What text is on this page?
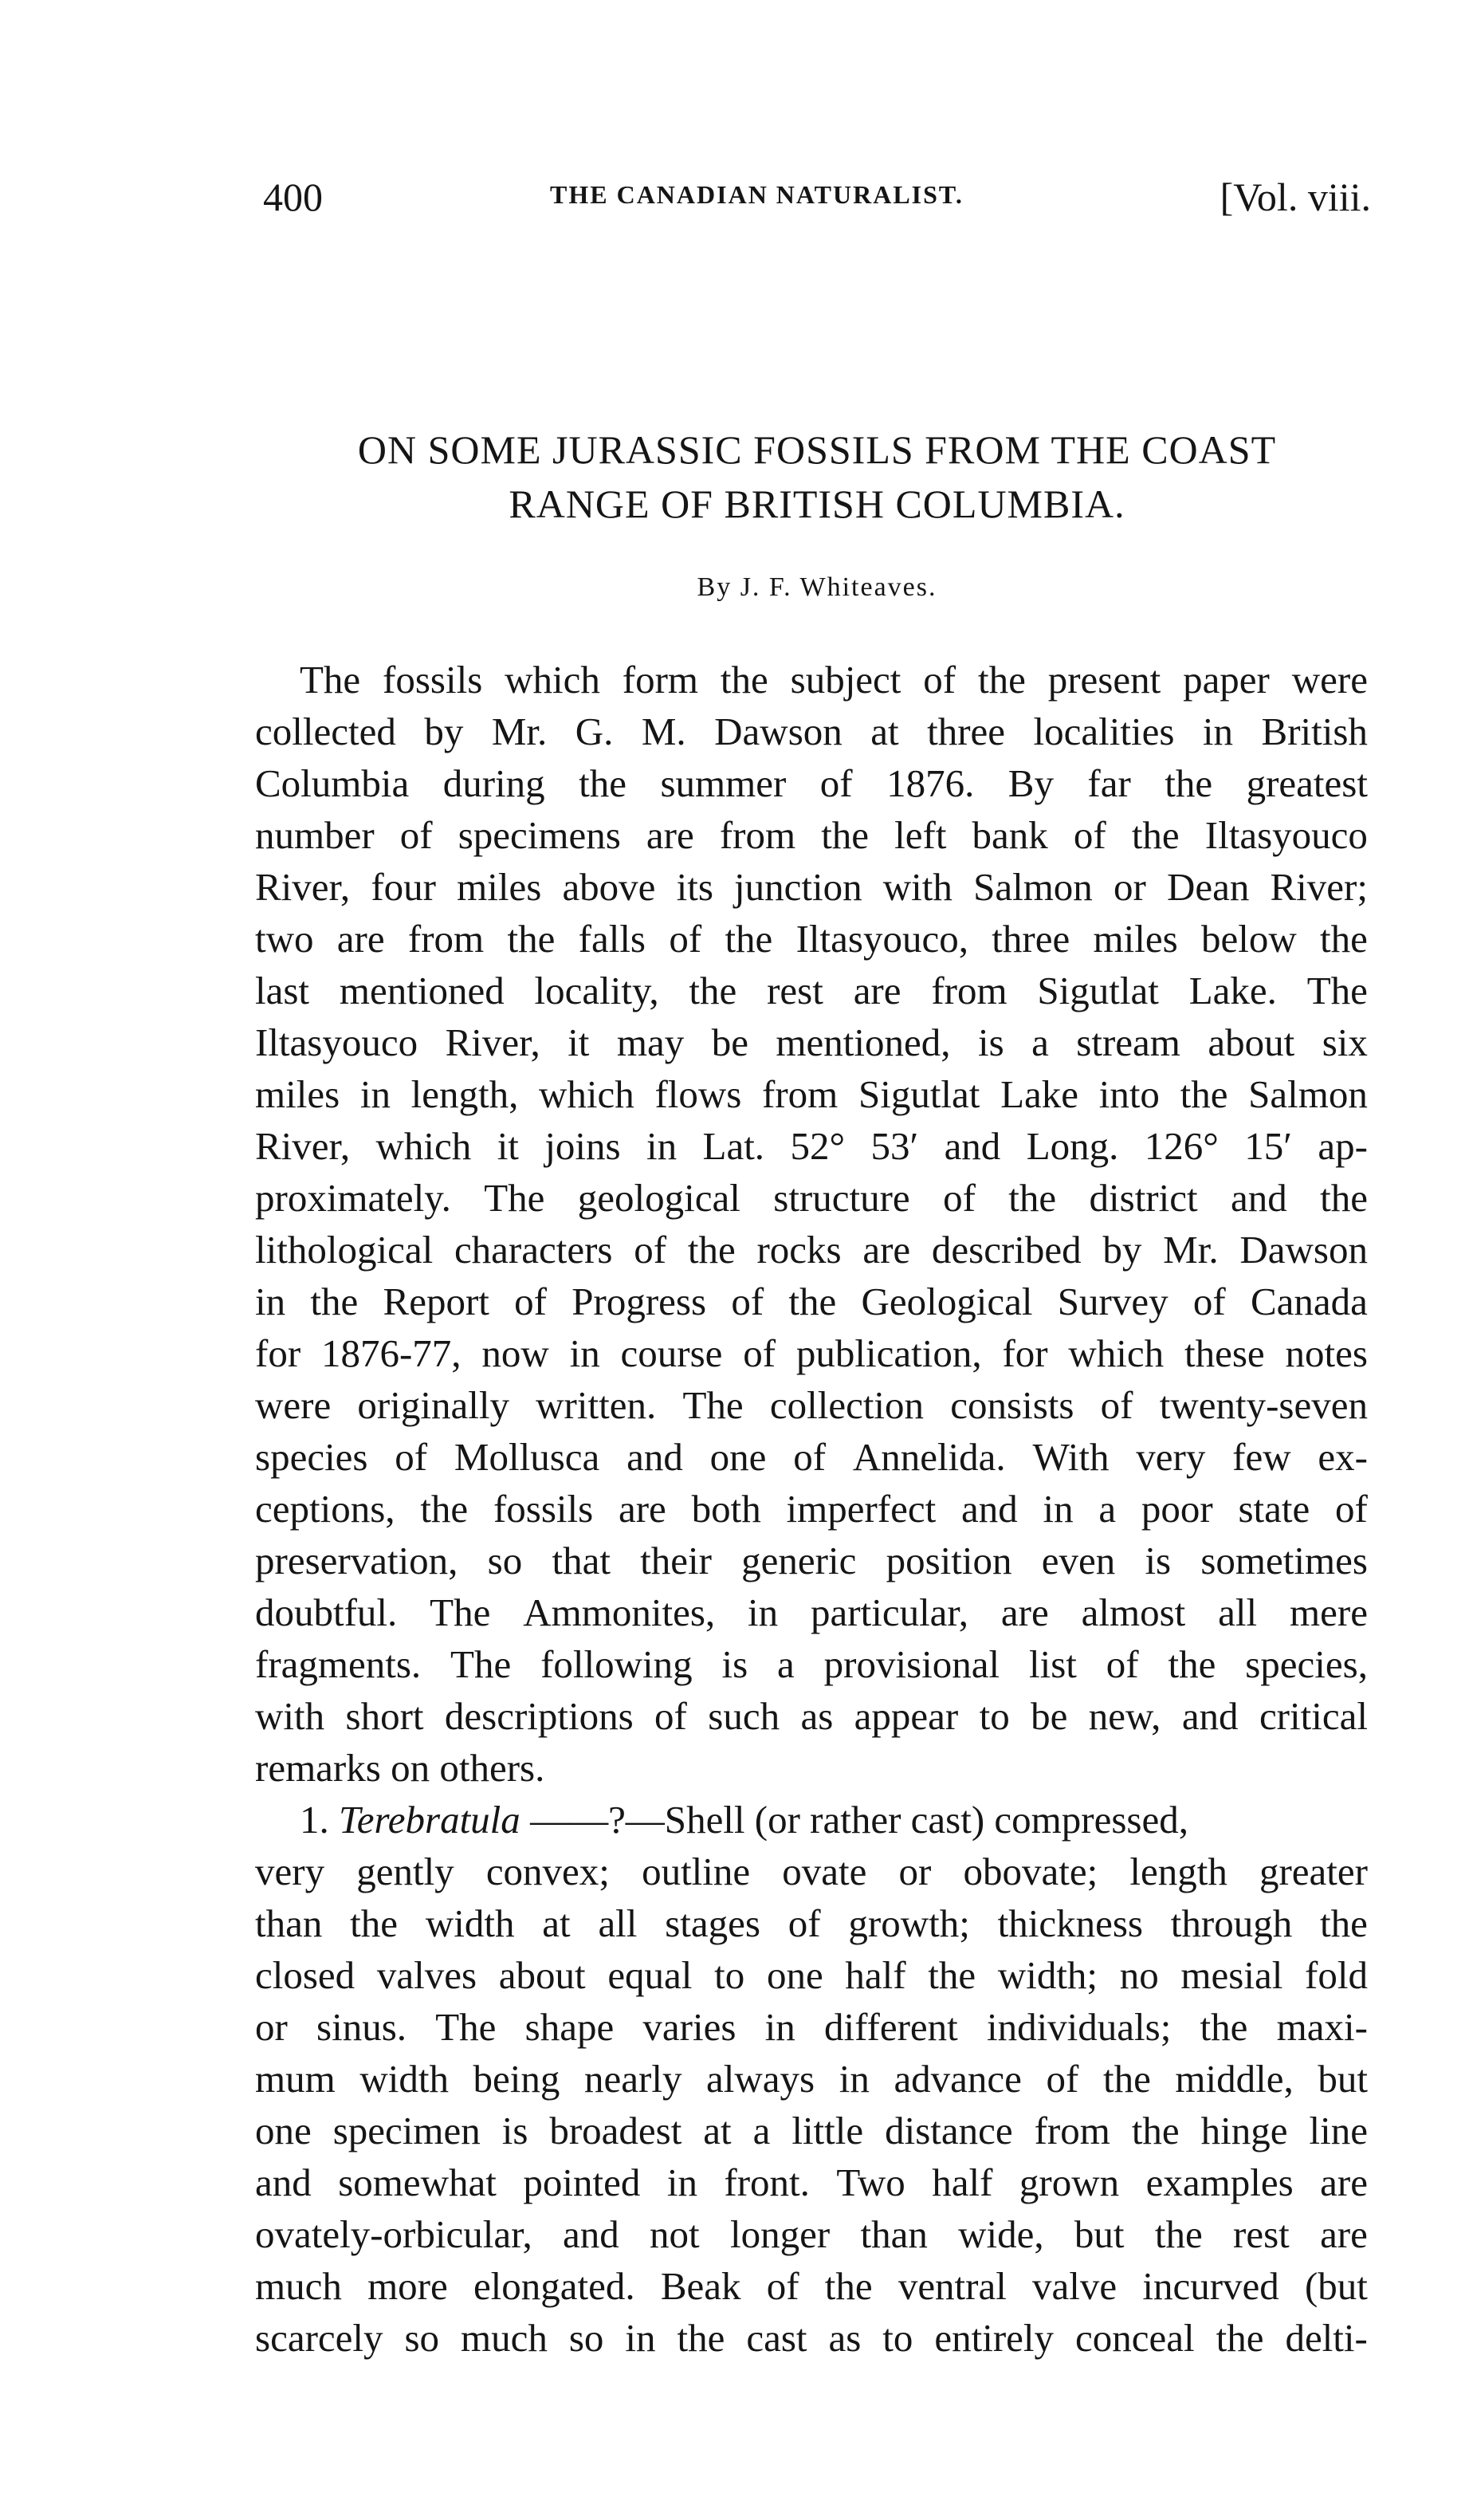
400	THE CANADIAN NATURALIST.	[Vol. viii.
ON SOME JURASSIC FOSSILS FROM THE COAST
RANGE OF BRITISH COLUMBIA.
By J. F. Whiteaves.
The fossils which form the subject of the present paper were
collected by Mr. G. M. Dawson at three localities in British
Columbia during the summer of 1876. By far the greatest
number of specimens are from the left bank of the Iltasyouco
River, four miles above its junction with Salmon or Dean River;
two are from the falls of the Iltasyouco, three miles below the
last mentioned locality, the rest are from Sigutlat Lake. The
Iltasyouco River, it may be mentioned, is a stream about six
miles in length, which flows from Sigutlat Lake into the Salmon
River, which it joins in Lat. 52° 53′ and Long. 126° 15′ ap-
proximately. The geological structure of the district and the
lithological characters of the rocks are described by Mr. Dawson
in the Report of Progress of the Geological Survey of Canada
for 1876-77, now in course of publication, for which these notes
were originally written. The collection consists of twenty-seven
species of Mollusca and one of Annelida. With very few ex-
ceptions, the fossils are both imperfect and in a poor state of
preservation, so that their generic position even is sometimes
doubtful. The Ammonites, in particular, are almost all mere
fragments. The following is a provisional list of the species,
with short descriptions of such as appear to be new, and critical
remarks on others.
1. Terebratula ——?—Shell (or rather cast) compressed,
very gently convex; outline ovate or obovate; length greater
than the width at all stages of growth; thickness through the
closed valves about equal to one half the width; no mesial fold
or sinus. The shape varies in different individuals; the maxi-
mum width being nearly always in advance of the middle, but
one specimen is broadest at a little distance from the hinge line
and somewhat pointed in front. Two half grown examples are
ovately-orbicular, and not longer than wide, but the rest are
much more elongated. Beak of the ventral valve incurved (but
scarcely so much so in the cast as to entirely conceal the delti-
